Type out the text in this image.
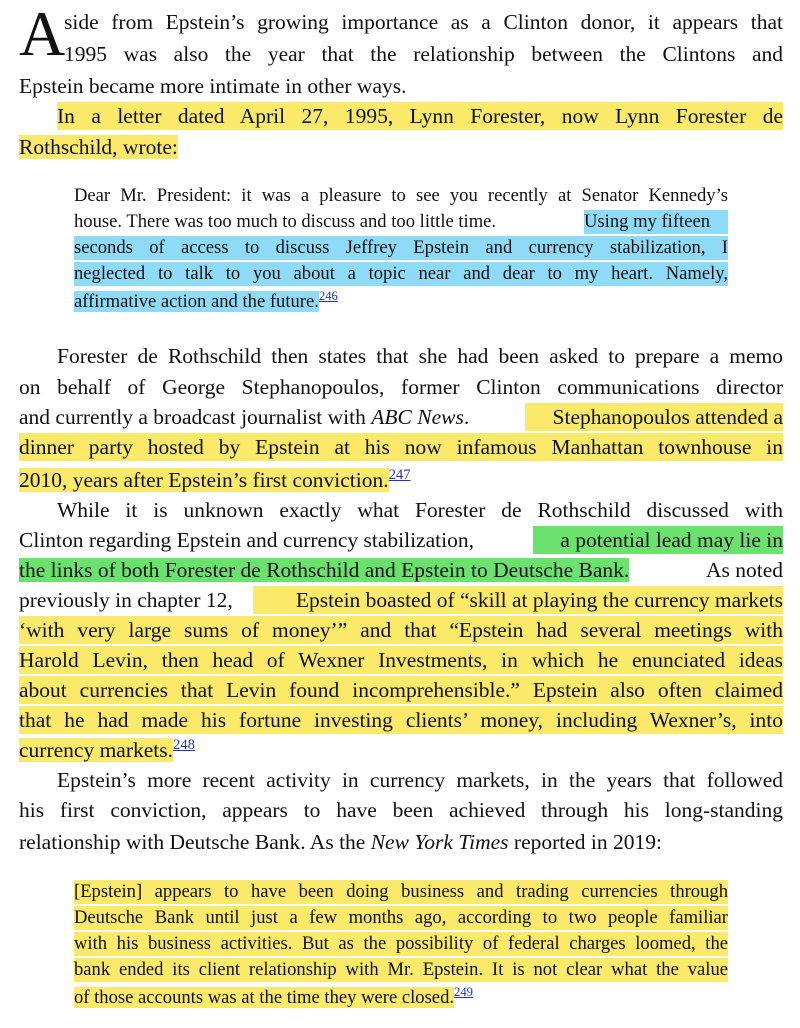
A
side from Epstein’s growing importance as a Clinton donor, it appears that
1995 was also the year that the relationship between the Clintons and
Epstein became more intimate in other ways.
In a letter dated April 27, 1995, Lynn Forester, now Lynn Forester de
Rothschild, wrote:
Dear Mr. President: it was a pleasure to see you recently at Senator Kennedy’s
house. There was too much to discuss and too little time.	Using my fifteen
seconds of access to discuss Jeffrey Epstein and currency stabilization, I
neglected to talk to you about a topic near and dear to my heart. Namely,
affirmative action and the future.$^{246}$
Forester de Rothschild then states that she had been asked to prepare a memo
on behalf of George Stephanopoulos, former Clinton communications director
and currently a broadcast journalist with ABC News.	Stephanopoulos attended a
dinner party hosted by Epstein at his now infamous Manhattan townhouse in
2010, years after Epstein’s first conviction.$^{247}$
While it is unknown exactly what Forester de Rothschild discussed with
Clinton regarding Epstein and currency stabilization,	a potential lead may lie in
the links of both Forester de Rothschild and Epstein to Deutsche Bank.	As noted
previously in chapter 12,	Epstein boasted of “skill at playing the currency markets
‘with very large sums of money’” and that “Epstein had several meetings with
Harold Levin, then head of Wexner Investments, in which he enunciated ideas
about currencies that Levin found incomprehensible.” Epstein also often claimed
that he had made his fortune investing clients’ money, including Wexner’s, into
currency markets.$^{248}$
Epstein’s more recent activity in currency markets, in the years that followed
his first conviction, appears to have been achieved through his long-standing
relationship with Deutsche Bank. As the New York Times reported in 2019:
[Epstein] appears to have been doing business and trading currencies through
Deutsche Bank until just a few months ago, according to two people familiar
with his business activities. But as the possibility of federal charges loomed, the
bank ended its client relationship with Mr. Epstein. It is not clear what the value
of those accounts was at the time they were closed.$^{249}$
